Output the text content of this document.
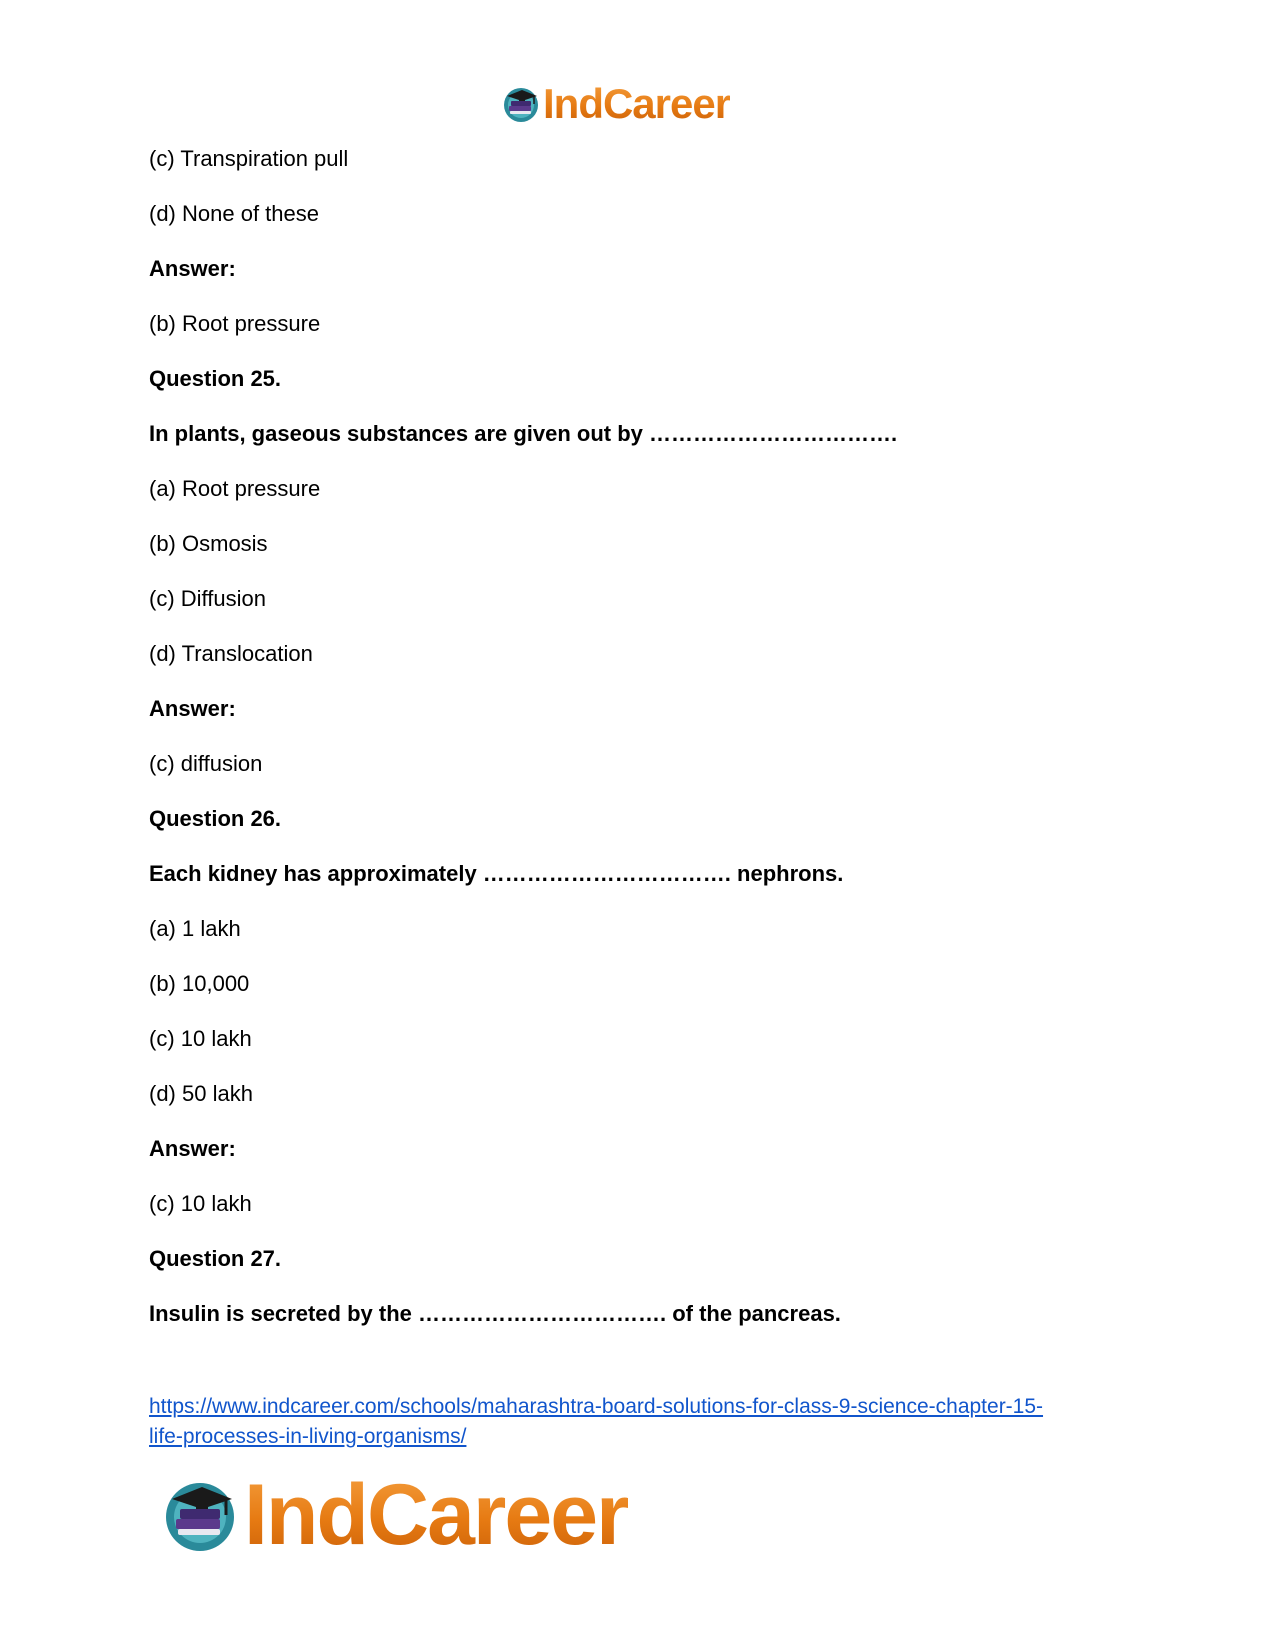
IndCareer
(c) Transpiration pull
(d) None of these
Answer:
(b) Root pressure
Question 25.
In plants, gaseous substances are given out by …………………………….
(a) Root pressure
(b) Osmosis
(c) Diffusion
(d) Translocation
Answer:
(c) diffusion
Question 26.
Each kidney has approximately ……………………………. nephrons.
(a) 1 lakh
(b) 10,000
(c) 10 lakh
(d) 50 lakh
Answer:
(c) 10 lakh
Question 27.
Insulin is secreted by the ……………………………. of the pancreas.
https://www.indcareer.com/schools/maharashtra-board-solutions-for-class-9-science-chapter-15-
life-processes-in-living-organisms/
IndCareer
